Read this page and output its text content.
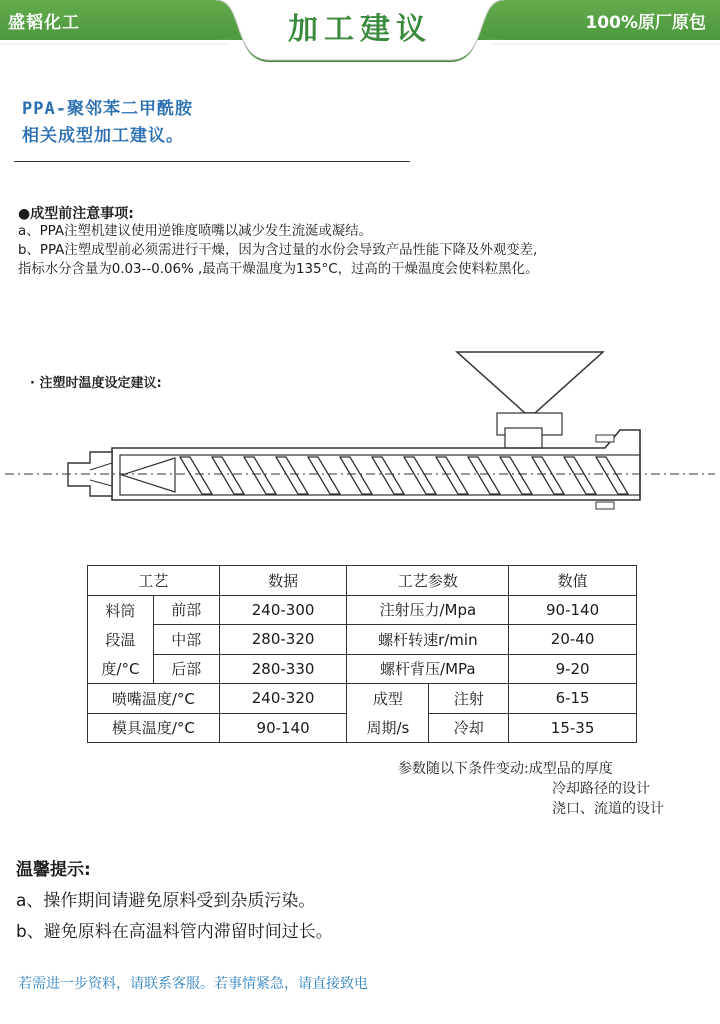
盛韬化工	加工建议	100%原厂原包
PPA-聚邻苯二甲酰胺
相关成型加工建议。
●成型前注意事项:
a、PPA注塑机建议使用逆锥度喷嘴以减少发生流涎或凝结。
b、PPA注塑成型前必须需进行干燥，因为含过量的水份会导致产品性能下降及外观变差,
指标水分含量为0.03--0.06% ,最高干燥温度为135°C，过高的干燥温度会使料粒黑化。
· 注塑时温度设定建议:
工艺		数据	工艺参数		数值
料筒	前部	240-300	注射压力/Mpa		90-140
段温	中部	280-320	螺杆转速r/min		20-40
度/°C	后部	280-330	螺杆背压/MPa		9-20
喷嘴温度/°C		240-320	成型	注射	6-15
模具温度/°C		90-140	周期/s	冷却	15-35
参数随以下条件变动:成型品的厚度
冷却路径的设计
浇口、流道的设计
温馨提示:
a、操作期间请避免原料受到杂质污染。
b、避免原料在高温料管内滞留时间过长。
若需进一步资料，请联系客服。若事情紧急，请直接致电
